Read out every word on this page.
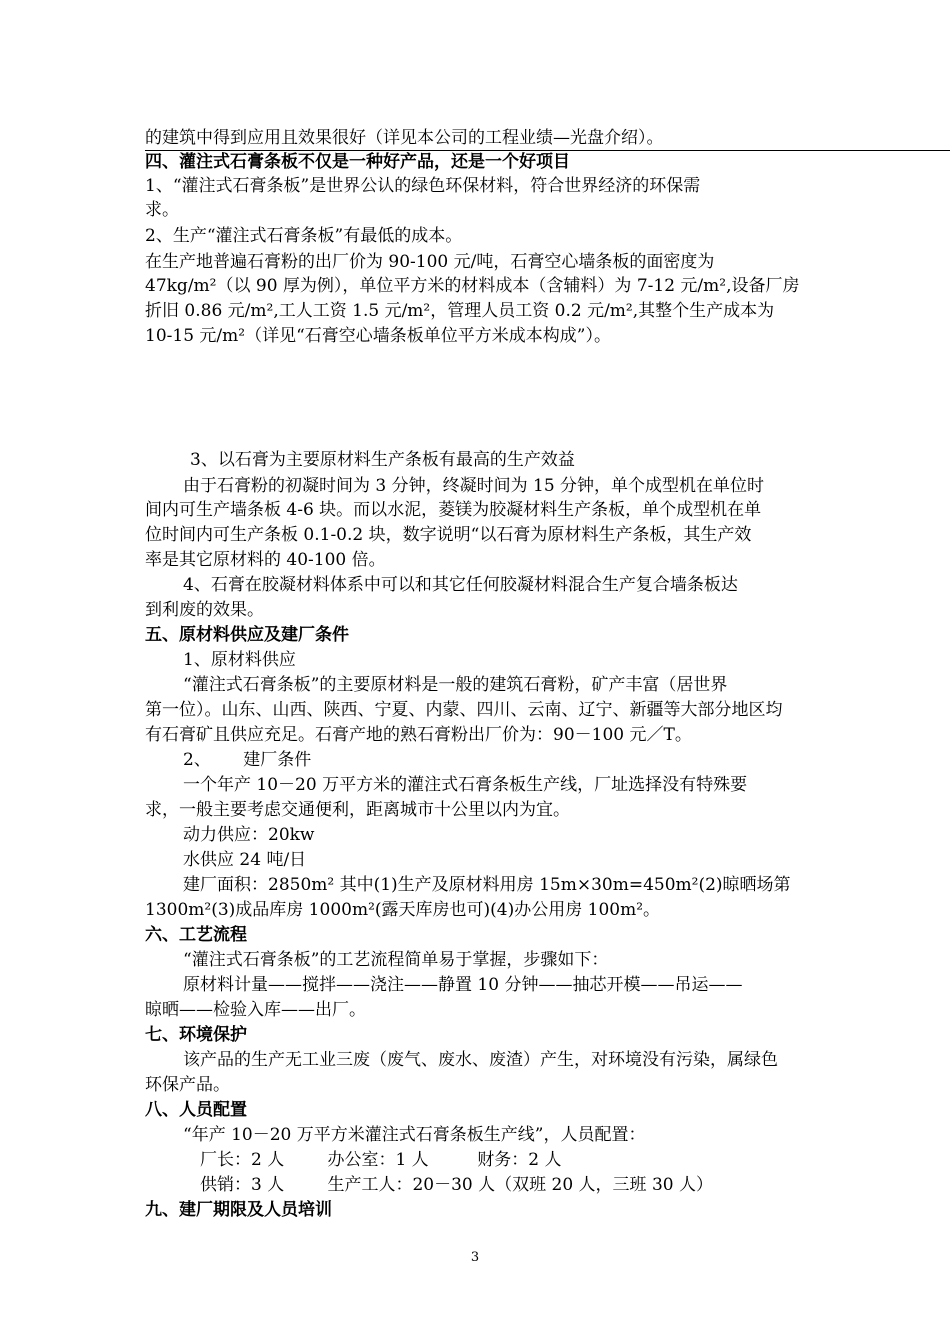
的建筑中得到应用且效果很好（详见本公司的工程业绩—光盘介绍）。
四、灌注式石膏条板不仅是一种好产品，还是一个好项目
1、“灌注式石膏条板”是世界公认的绿色环保材料，符合世界经济的环保需
求。
2、生产“灌注式石膏条板”有最低的成本。
在生产地普遍石膏粉的出厂价为 90-100 元/吨，石膏空心墙条板的面密度为
47kg/m²（以 90 厚为例），单位平方米的材料成本（含辅料）为 7-12 元/m²,设备厂房
折旧 0.86 元/m²,工人工资 1.5 元/m²，管理人员工资 0.2 元/m²,其整个生产成本为
10-15 元/m²（详见“石膏空心墙条板单位平方米成本构成”）。
3、以石膏为主要原材料生产条板有最高的生产效益
由于石膏粉的初凝时间为 3 分钟，终凝时间为 15 分钟，单个成型机在单位时
间内可生产墙条板 4-6 块。而以水泥，菱镁为胶凝材料生产条板，单个成型机在单
位时间内可生产条板 0.1-0.2 块，数字说明“以石膏为原材料生产条板，其生产效
率是其它原材料的 40-100 倍。
4、石膏在胶凝材料体系中可以和其它任何胶凝材料混合生产复合墙条板达
到利废的效果。
五、原材料供应及建厂条件
1、原材料供应
“灌注式石膏条板”的主要原材料是一般的建筑石膏粉，矿产丰富（居世界
第一位）。山东、山西、陕西、宁夏、内蒙、四川、云南、辽宁、新疆等大部分地区均
有石膏矿且供应充足。石膏产地的熟石膏粉出厂价为：90－100 元／T。
2、      建厂条件
一个年产 10－20 万平方米的灌注式石膏条板生产线，厂址选择没有特殊要
求，一般主要考虑交通便利，距离城市十公里以内为宜。
动力供应：20kw
水供应 24 吨/日
建厂面积：2850m² 其中(1)生产及原材料用房 15m×30m=450m²(2)晾晒场第
1300m²(3)成品库房 1000m²(露天库房也可)(4)办公用房 100m²。
六、工艺流程
“灌注式石膏条板”的工艺流程简单易于掌握，步骤如下：
原材料计量——搅拌——浇注——静置 10 分钟——抽芯开模——吊运——
晾晒——检验入库——出厂。
七、环境保护
该产品的生产无工业三废（废气、废水、废渣）产生，对环境没有污染，属绿色
环保产品。
八、人员配置
“年产 10－20 万平方米灌注式石膏条板生产线”，人员配置：
厂长：2 人        办公室：1 人         财务：2 人
供销：3 人        生产工人：20－30 人（双班 20 人，三班 30 人）
九、建厂期限及人员培训
3
